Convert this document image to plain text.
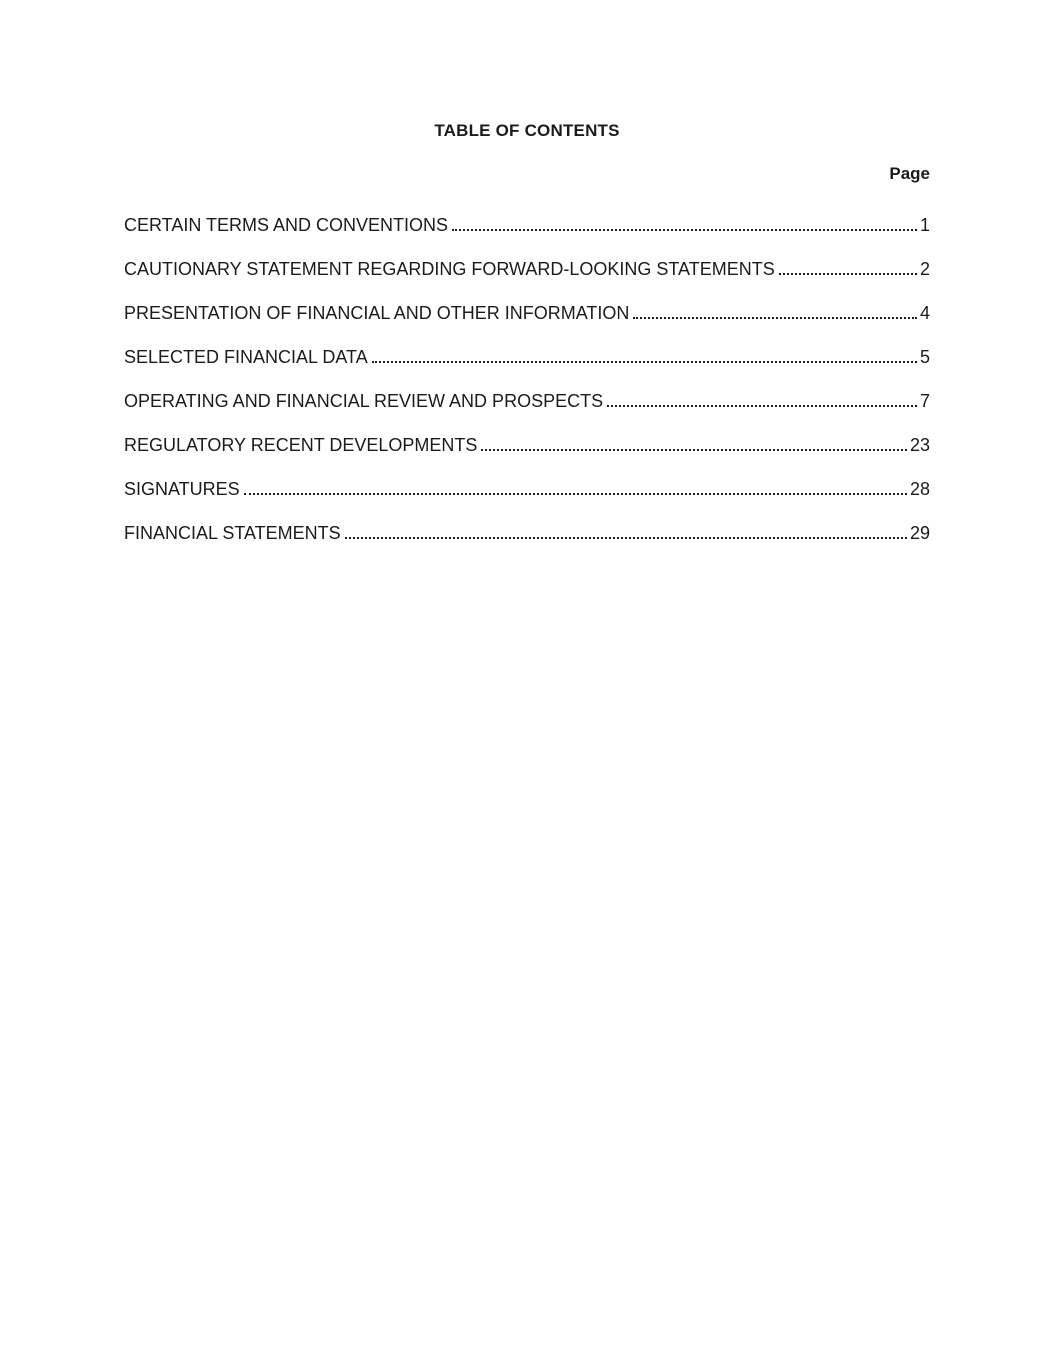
TABLE OF CONTENTS
Page
CERTAIN TERMS AND CONVENTIONS	1
CAUTIONARY STATEMENT REGARDING FORWARD-LOOKING STATEMENTS	2
PRESENTATION OF FINANCIAL AND OTHER INFORMATION	4
SELECTED FINANCIAL DATA	5
OPERATING AND FINANCIAL REVIEW AND PROSPECTS	7
REGULATORY RECENT DEVELOPMENTS	23
SIGNATURES	28
FINANCIAL STATEMENTS	29
